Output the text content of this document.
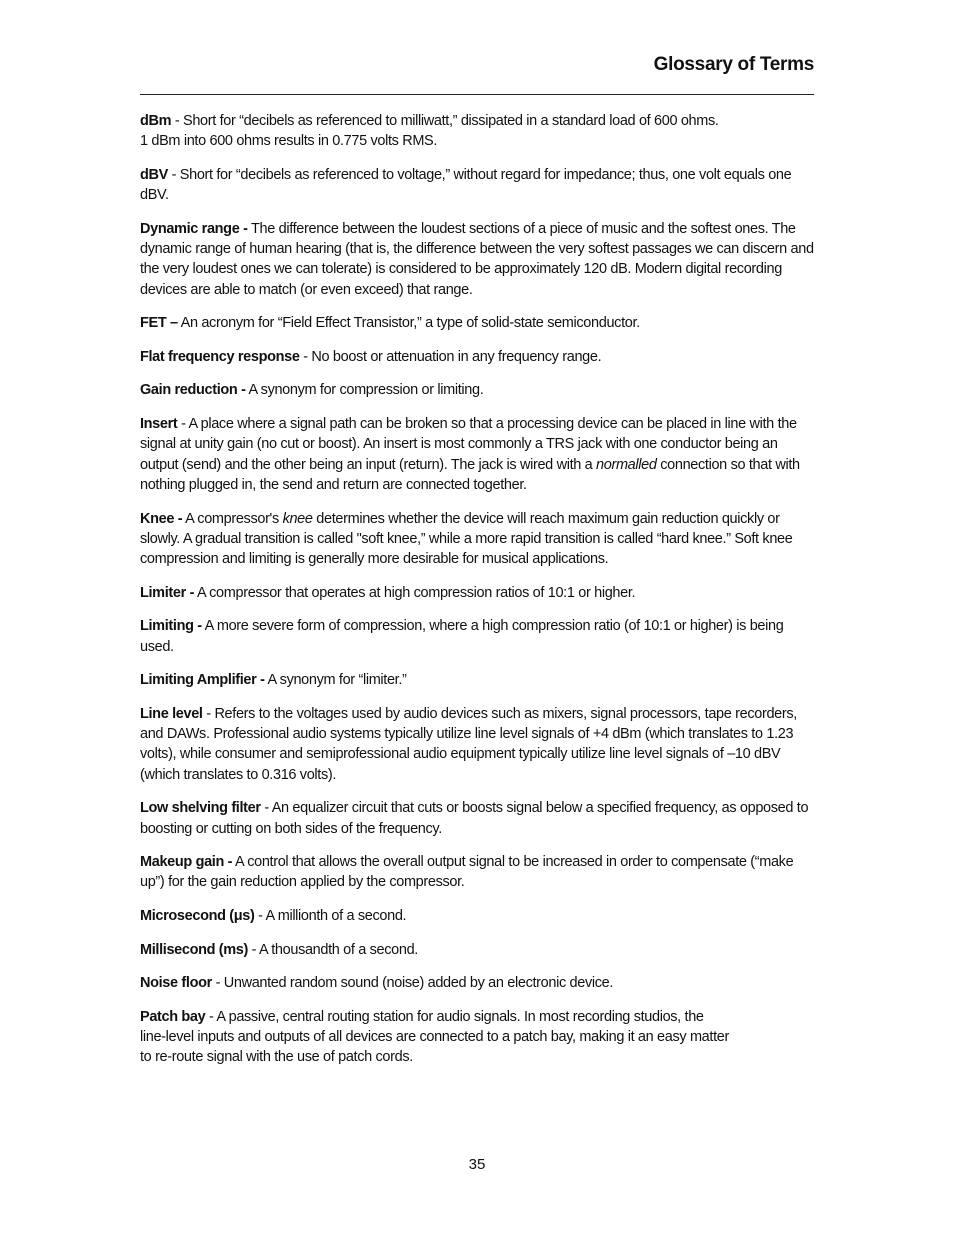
Glossary of Terms

dBm - Short for “decibels as referenced to milliwatt,” dissipated in a standard load of 600 ohms.
1 dBm into 600 ohms results in 0.775 volts RMS.

dBV - Short for “decibels as referenced to voltage,” without regard for impedance; thus, one volt equals one dBV.

Dynamic range - The difference between the loudest sections of a piece of music and the softest ones. The dynamic range of human hearing (that is, the difference between the very softest passages we can discern and the very loudest ones we can tolerate) is considered to be approximately 120 dB. Modern digital recording devices are able to match (or even exceed) that range.

FET – An acronym for “Field Effect Transistor,” a type of solid-state semiconductor.

Flat frequency response - No boost or attenuation in any frequency range.

Gain reduction - A synonym for compression or limiting.

Insert - A place where a signal path can be broken so that a processing device can be placed in line with the signal at unity gain (no cut or boost). An insert is most commonly a TRS jack with one conductor being an output (send) and the other being an input (return). The jack is wired with a normalled connection so that with nothing plugged in, the send and return are connected together.

Knee - A compressor's knee determines whether the device will reach maximum gain reduction quickly or slowly. A gradual transition is called "soft knee,” while a more rapid transition is called “hard knee.” Soft knee compression and limiting is generally more desirable for musical applications.

Limiter - A compressor that operates at high compression ratios of 10:1 or higher.

Limiting - A more severe form of compression, where a high compression ratio (of 10:1 or higher) is being used.

Limiting Amplifier - A synonym for “limiter.”

Line level - Refers to the voltages used by audio devices such as mixers, signal processors, tape recorders, and DAWs. Professional audio systems typically utilize line level signals of +4 dBm (which translates to 1.23 volts), while consumer and semiprofessional audio equipment typically utilize line level signals of –10 dBV (which translates to 0.316 volts).

Low shelving filter - An equalizer circuit that cuts or boosts signal below a specified frequency, as opposed to boosting or cutting on both sides of the frequency.

Makeup gain - A control that allows the overall output signal to be increased in order to compensate (“make up”) for the gain reduction applied by the compressor.

Microsecond (μs) - A millionth of a second.

Millisecond (ms) - A thousandth of a second.

Noise floor - Unwanted random sound (noise) added by an electronic device.

Patch bay - A passive, central routing station for audio signals. In most recording studios, the
line-level inputs and outputs of all devices are connected to a patch bay, making it an easy matter
to re-route signal with the use of patch cords.

35
